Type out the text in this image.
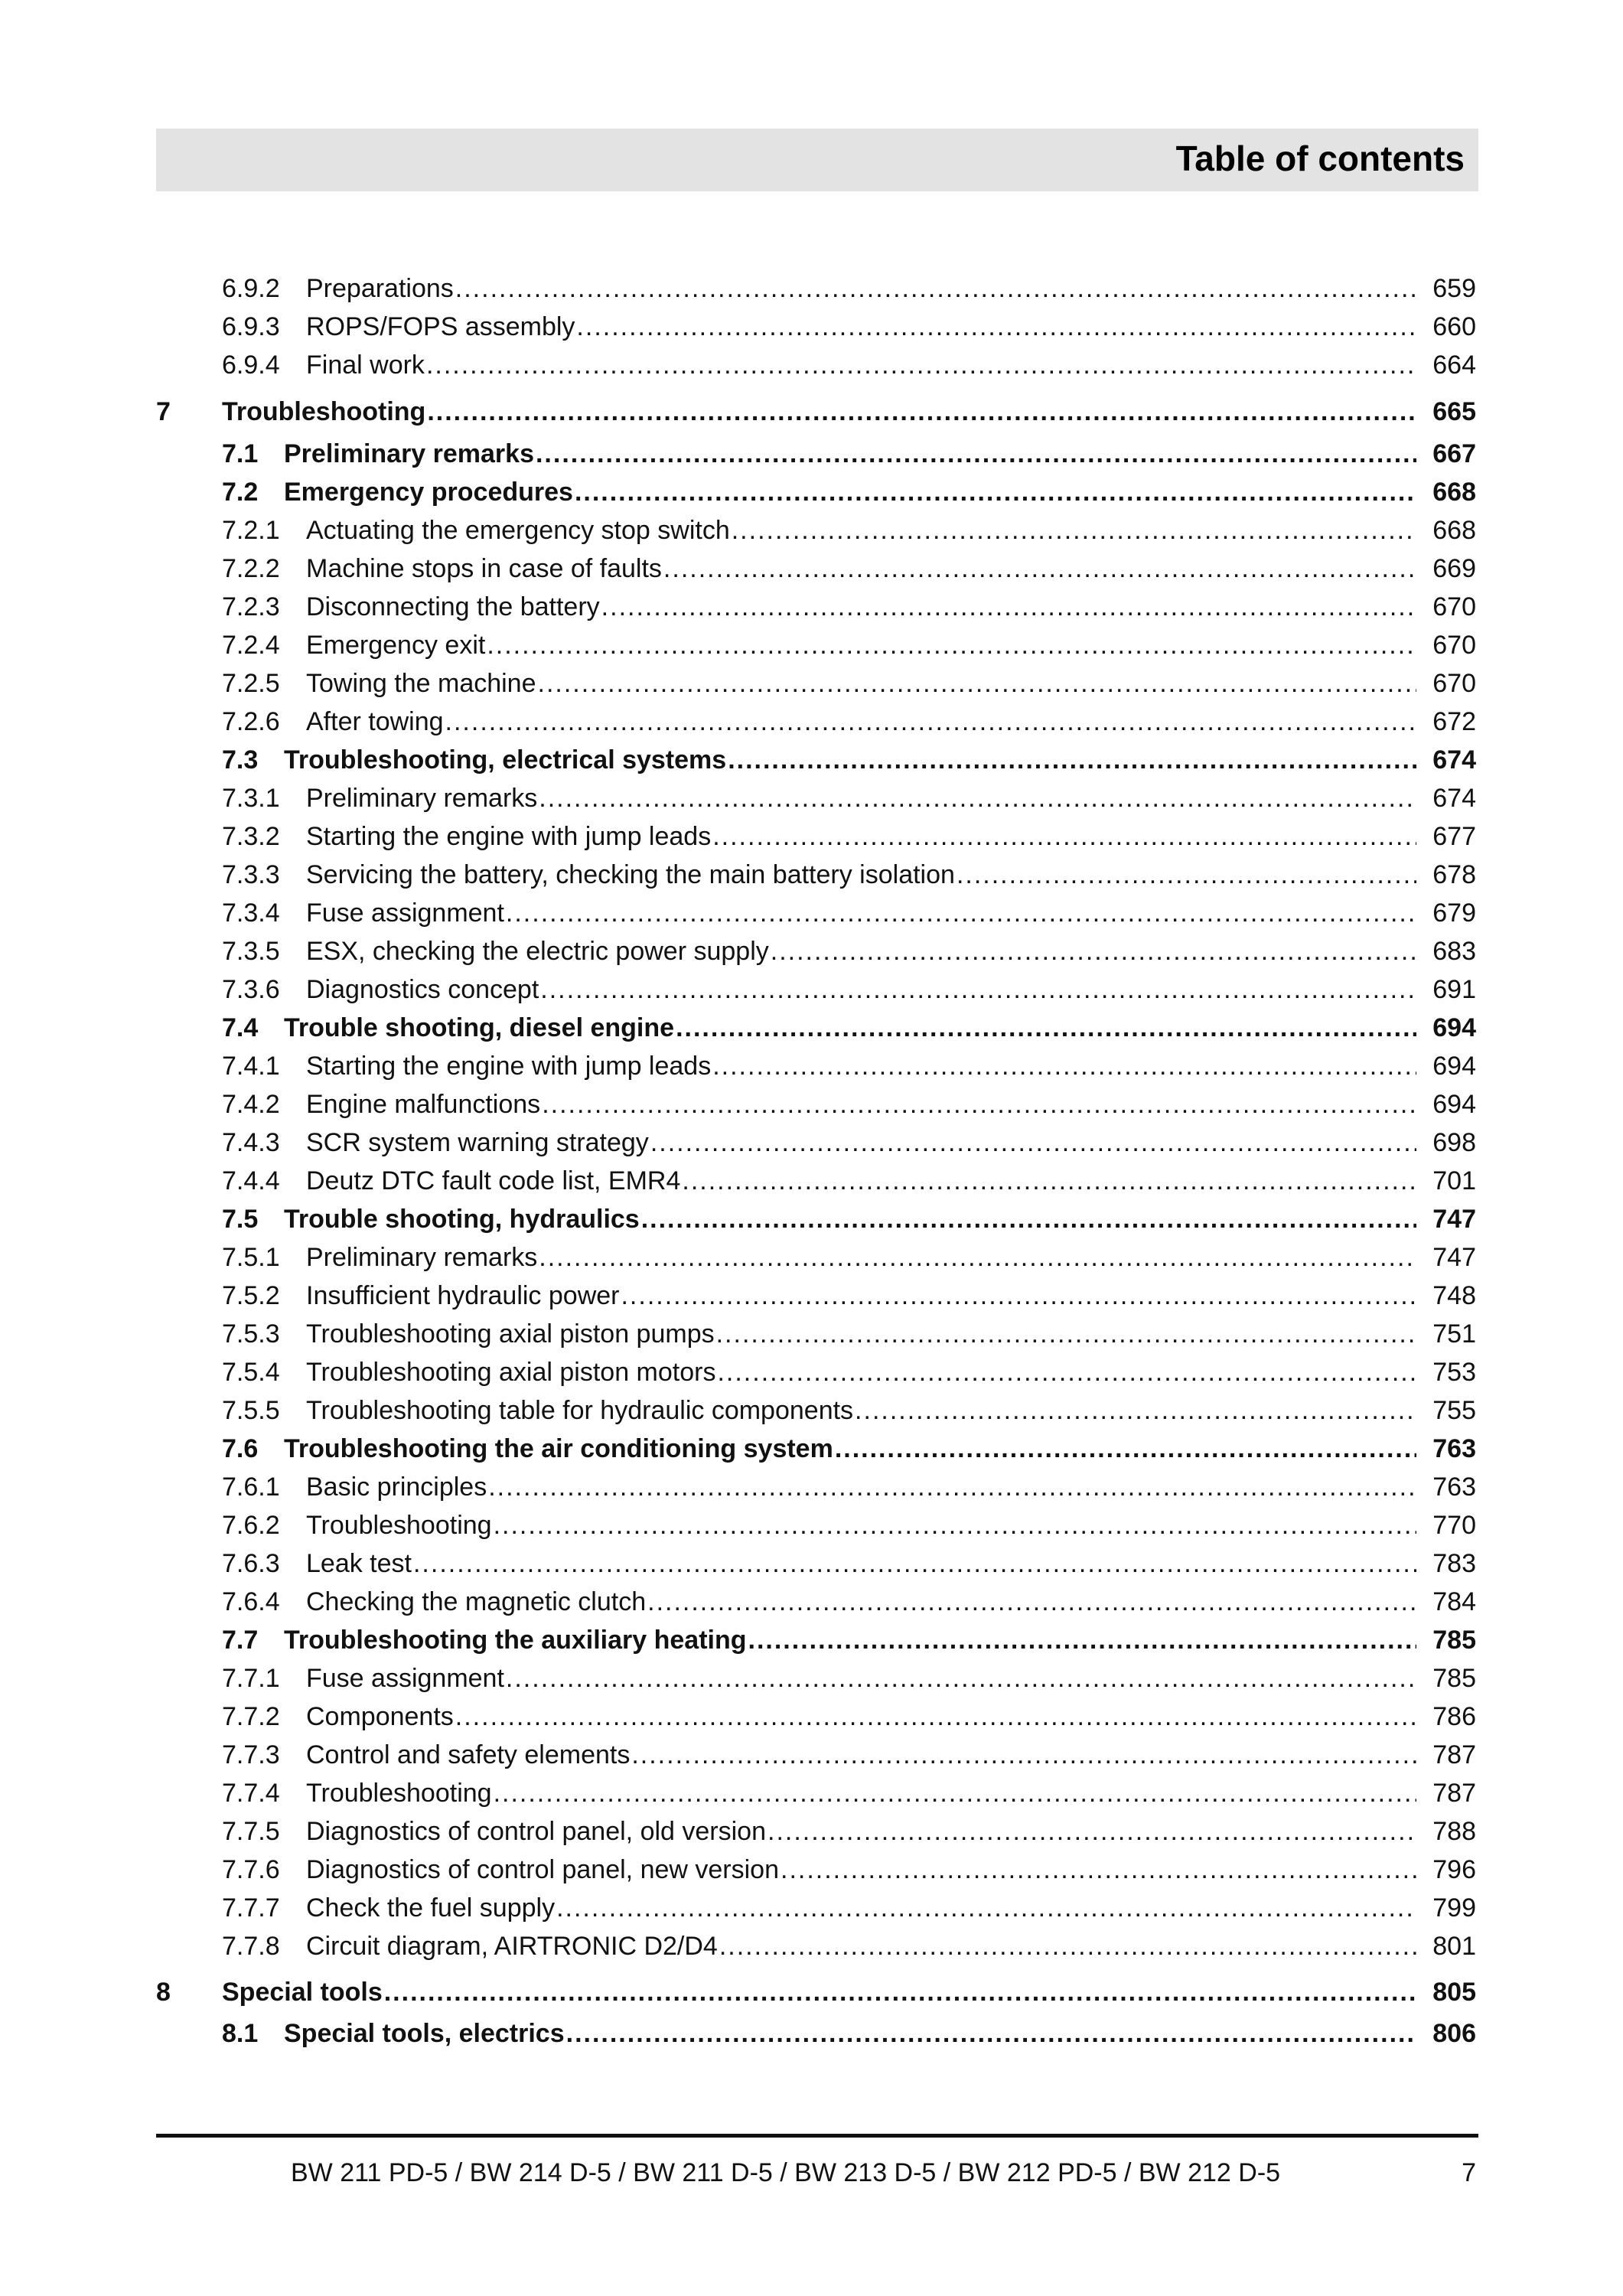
Table of contents
6.9.2 Preparations .....	659
6.9.3 ROPS/FOPS assembly .....	660
6.9.4 Final work .....	664
7 Troubleshooting .....	665
7.1 Preliminary remarks .....	667
7.2 Emergency procedures .....	668
7.2.1 Actuating the emergency stop switch .....	668
7.2.2 Machine stops in case of faults .....	669
7.2.3 Disconnecting the battery .....	670
7.2.4 Emergency exit .....	670
7.2.5 Towing the machine .....	670
7.2.6 After towing .....	672
7.3 Troubleshooting, electrical systems .....	674
7.3.1 Preliminary remarks .....	674
7.3.2 Starting the engine with jump leads .....	677
7.3.3 Servicing the battery, checking the main battery isolation .....	678
7.3.4 Fuse assignment .....	679
7.3.5 ESX, checking the electric power supply .....	683
7.3.6 Diagnostics concept .....	691
7.4 Trouble shooting, diesel engine .....	694
7.4.1 Starting the engine with jump leads .....	694
7.4.2 Engine malfunctions .....	694
7.4.3 SCR system warning strategy .....	698
7.4.4 Deutz DTC fault code list, EMR4 .....	701
7.5 Trouble shooting, hydraulics .....	747
7.5.1 Preliminary remarks .....	747
7.5.2 Insufficient hydraulic power .....	748
7.5.3 Troubleshooting axial piston pumps .....	751
7.5.4 Troubleshooting axial piston motors .....	753
7.5.5 Troubleshooting table for hydraulic components .....	755
7.6 Troubleshooting the air conditioning system .....	763
7.6.1 Basic principles .....	763
7.6.2 Troubleshooting .....	770
7.6.3 Leak test .....	783
7.6.4 Checking the magnetic clutch .....	784
7.7 Troubleshooting the auxiliary heating .....	785
7.7.1 Fuse assignment .....	785
7.7.2 Components .....	786
7.7.3 Control and safety elements .....	787
7.7.4 Troubleshooting .....	787
7.7.5 Diagnostics of control panel, old version .....	788
7.7.6 Diagnostics of control panel, new version .....	796
7.7.7 Check the fuel supply .....	799
7.7.8 Circuit diagram, AIRTRONIC D2/D4 .....	801
8 Special tools .....	805
8.1 Special tools, electrics .....	806
BW 211 PD-5 / BW 214 D-5 / BW 211 D-5 / BW 213 D-5 / BW 212 PD-5 / BW 212 D-5	7
